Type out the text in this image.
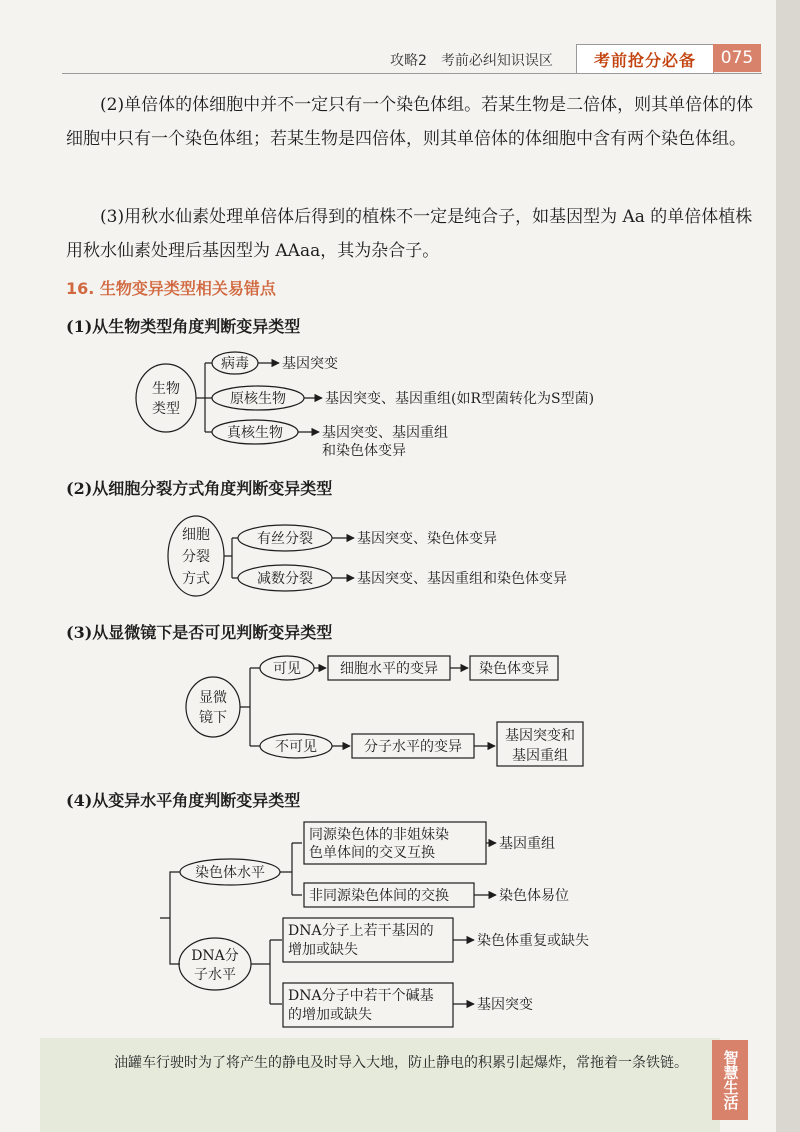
攻略2　考前必纠知识误区	考前抢分必备	075

(2)单倍体的体细胞中并不一定只有一个染色体组。若某生物是二倍体，则其单倍体的体细胞中只有一个染色体组；若某生物是四倍体，则其单倍体的体细胞中含有两个染色体组。

(3)用秋水仙素处理单倍体后得到的植株不一定是纯合子，如基因型为 Aa 的单倍体植株用秋水仙素处理后基因型为 AAaa，其为杂合子。

16. 生物变异类型相关易错点
(1)从生物类型角度判断变异类型
(2)从细胞分裂方式角度判断变异类型
(3)从显微镜下是否可见判断变异类型
(4)从变异水平角度判断变异类型
生物
类型
病毒 基因突变
原核生物	基因突变、基因重组(如R型菌转化为S型菌)
真核生物	基因突变、基因重组
和染色体变异
细胞
分裂
方式
有丝分裂	基因突变、染色体变异
减数分裂	基因突变、基因重组和染色体变异
显微
镜下
可见	细胞水平的变异	染色体变异
不可见	分子水平的变异
基因突变和
基因重组
染色体水平
同源染色体的非姐妹染
色单体间的交叉互换
基因重组
非同源染色体间的交换	染色体易位
DNA分
子水平
DNA分子上若干基因的
增加或缺失
染色体重复或缺失
DNA分子中若干个碱基
的增加或缺失
基因突变
油罐车行驶时为了将产生的静电及时导入大地，防止静电的积累引起爆炸，常拖着一条铁链。	智慧生活
